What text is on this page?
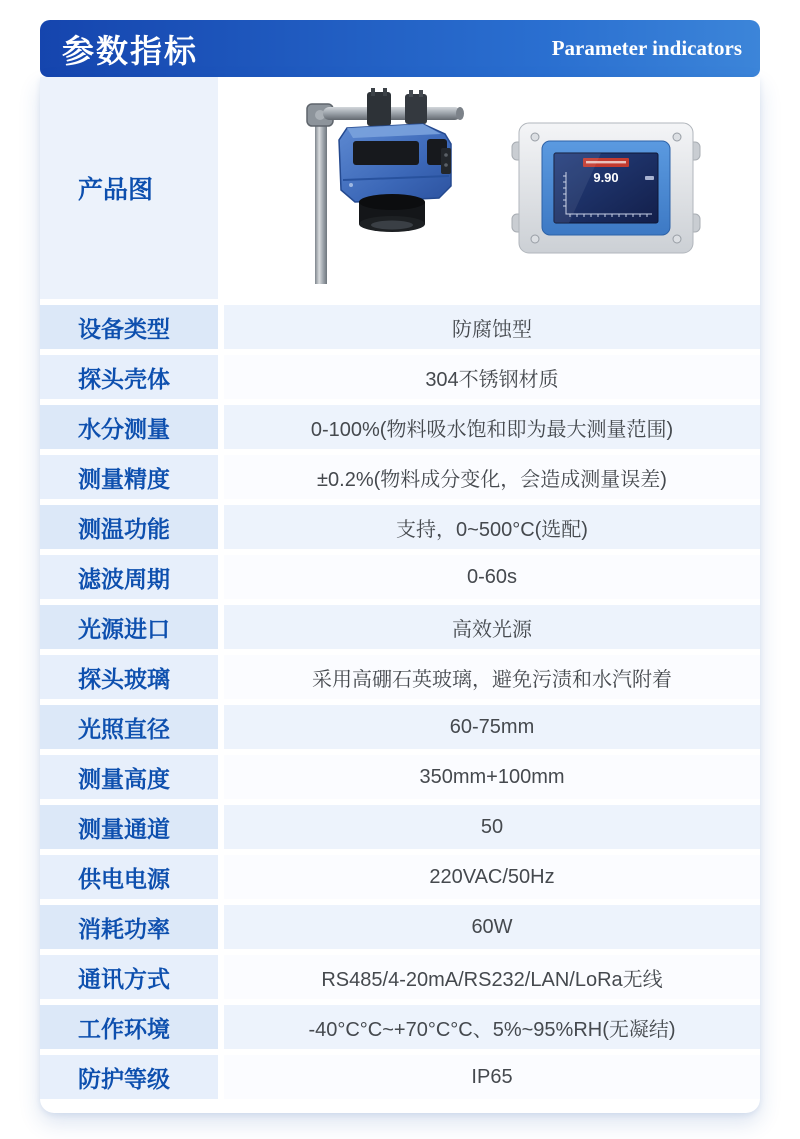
参数指标	Parameter indicators
产品图	9.90
设备类型	防腐蚀型
探头壳体	304不锈钢材质
水分测量	0-100%(物料吸水饱和即为最大测量范围)
测量精度	±0.2%(物料成分变化，会造成测量误差)
测温功能	支持，0~500°C(选配)
滤波周期	0-60s
光源进口	高效光源
探头玻璃	采用高硼石英玻璃，避免污渍和水汽附着
光照直径	60-75mm
测量高度	350mm+100mm
测量通道	50
供电电源	220VAC/50Hz
消耗功率	60W
通讯方式	RS485/4-20mA/RS232/LAN/LoRa无线
工作环境	-40°C°C~+70°C°C、5%~95%RH(无凝结)
防护等级	IP65
